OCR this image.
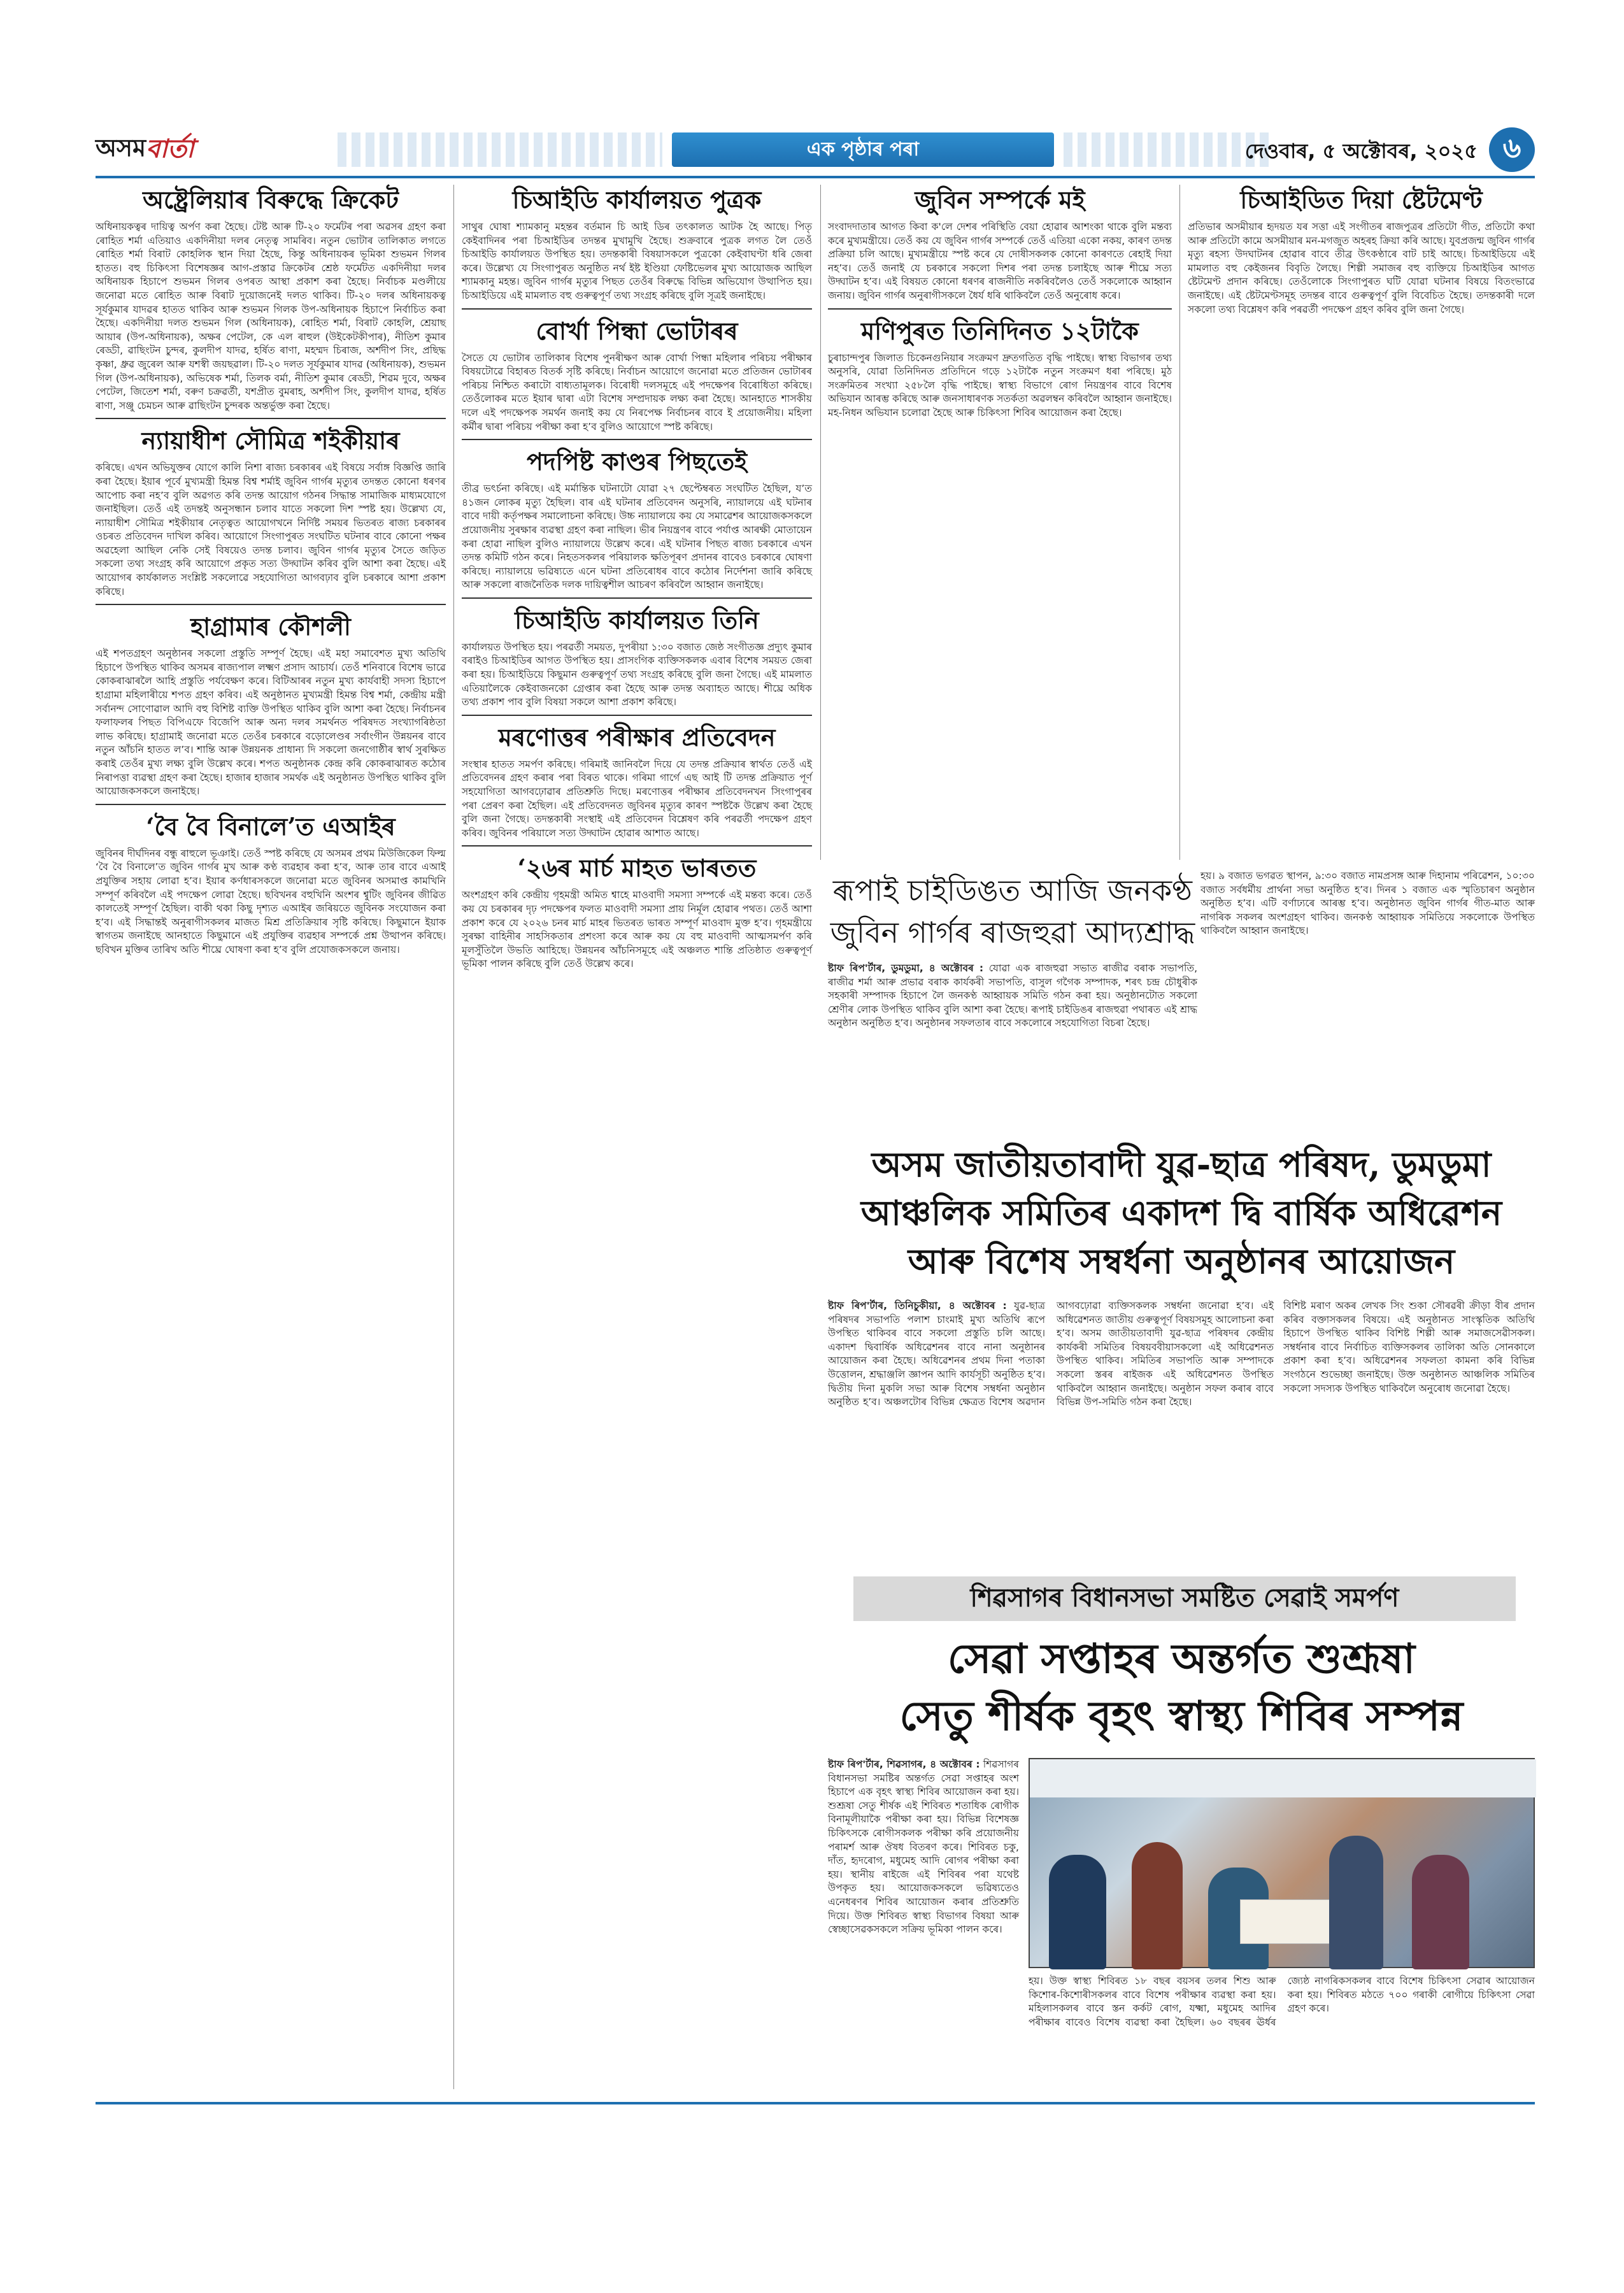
অসম বাৰ্তা	এক পৃষ্ঠাৰ পৰা	দেওবাৰ, ৫ অক্টোবৰ, ২০২৫ ৬
অষ্ট্ৰেলিয়াৰ বিৰুদ্ধে ক্ৰিকেট
অধিনায়কত্বৰ দায়িত্ব অৰ্পণ কৰা হৈছে। টেষ্ট আৰু টি-২০ ফৰ্মেটৰ পৰা অৱসৰ গ্ৰহণ কৰা ৰোহিত শৰ্মা এতিয়াও একদিনীয়া দলৰ নেতৃত্ব সামৰিব। নতুন ভোটাৰ তালিকাত লগতে ৰোহিত শৰ্মা বিৰাট কোহলিক স্থান দিয়া হৈছে, কিন্তু অধিনায়কৰ ভূমিকা শুভমন গিলৰ হাতত। বহু চিকিৎসা বিশেষজ্ঞৰ আগ-প্ৰস্তাৱ ক্ৰিকেটৰ শ্ৰেষ্ঠ ফৰ্মেটত একদিনীয়া দলৰ অধিনায়ক হিচাপে শুভমন গিলৰ ওপৰত আস্থা প্ৰকাশ কৰা হৈছে। নিৰ্বাচক মণ্ডলীয়ে জনোৱা মতে ৰোহিত আৰু বিৰাট দুয়োজনেই দলত থাকিব। টি-২০ দলৰ অধিনায়কত্ব সূৰ্যকুমাৰ যাদৱৰ হাতত থাকিব আৰু শুভমন গিলক উপ-অধিনায়ক হিচাপে নিৰ্বাচিত কৰা হৈছে। একদিনীয়া দলত শুভমন গিল (অধিনায়ক), ৰোহিত শৰ্মা, বিৰাট কোহলি, শ্ৰেয়াছ আয়াৰ (উপ-অধিনায়ক), অক্ষৰ পেটেল, কে এল ৰাহুল (উইকেটকীপাৰ), নীতিশ কুমাৰ ৰেড্ডী, ৱাছিংটন চুন্দৰ, কুলদীপ যাদৱ, হৰ্ষিত ৰাণা, মহম্মদ চিৰাজ, অৰ্শদীপ সিং, প্ৰছিদ্ধ কৃষ্ণা, ধ্ৰুৱ জুৰেল আৰু যশস্বী জয়ছৱাল। টি-২০ দলত সূৰ্যকুমাৰ যাদৱ (অধিনায়ক), শুভমন গিল (উপ-অধিনায়ক), অভিষেক শৰ্মা, তিলক বৰ্মা, নীতিশ কুমাৰ ৰেড্ডী, শিৱম দুবে, অক্ষৰ পেটেল, জিতেশ শৰ্মা, বৰুণ চক্ৰৱৰ্তী, যশপ্ৰীত বুমৰাহ, অৰ্শদীপ সিং, কুলদীপ যাদৱ, হৰ্ষিত ৰাণা, সঞ্জু চেমচন আৰু ৱাছিংটন চুন্দৰক অন্তৰ্ভুক্ত কৰা হৈছে।
ন্যায়াধীশ সৌমিত্ৰ শইকীয়াৰ
কৰিছে। এখন অভিযুক্তৰ যোগে কালি নিশা ৰাজ্য চৰকাৰৰ এই বিষয়ে সৰ্বাঙ্গ বিজ্ঞপ্তি জাৰি কৰা হৈছে। ইয়াৰ পূৰ্বে মুখ্যমন্ত্ৰী হিমন্ত বিশ্ব শৰ্মাই জুবিন গাৰ্গৰ মৃত্যুৰ তদন্তত কোনো ধৰণৰ আপোচ কৰা নহ’ব বুলি অৱগত কৰি তদন্ত আয়োগ গঠনৰ সিদ্ধান্ত সামাজিক মাধ্যমযোগে জনাইছিল। তেওঁ এই তদন্তই অনুসন্ধান চলাব যাতে সকলো দিশ স্পষ্ট হয়। উল্লেখ্য যে, ন্যায়াধীশ সৌমিত্ৰ শইকীয়াৰ নেতৃত্বত আয়োগখনে নিৰ্দিষ্ট সময়ৰ ভিতৰত ৰাজ্য চৰকাৰৰ ওচৰত প্ৰতিবেদন দাখিল কৰিব। আয়োগে সিংগাপুৰত সংঘটিত ঘটনাৰ বাবে কোনো পক্ষৰ অৱহেলা আছিল নেকি সেই বিষয়েও তদন্ত চলাব। জুবিন গাৰ্গৰ মৃত্যুৰ সৈতে জড়িত সকলো তথ্য সংগ্ৰহ কৰি আয়োগে প্ৰকৃত সত্য উদ্ঘাটন কৰিব বুলি আশা কৰা হৈছে। এই আয়োগৰ কাৰ্যকালত সংশ্লিষ্ট সকলোৱে সহযোগিতা আগবঢ়াব বুলি চৰকাৰে আশা প্ৰকাশ কৰিছে।
হাগ্ৰামাৰ কৌশলী
এই শপতগ্ৰহণ অনুষ্ঠানৰ সকলো প্ৰস্তুতি সম্পূৰ্ণ হৈছে। এই মহা সমাবেশত মুখ্য অতিথি হিচাপে উপস্থিত থাকিব অসমৰ ৰাজ্যপাল লক্ষ্মণ প্ৰসাদ আচাৰ্য। তেওঁ শনিবাৰে বিশেষ ভাৱে কোকৰাঝাৰলৈ আহি প্ৰস্তুতি পৰ্যবেক্ষণ কৰে। বিটিআৰৰ নতুন মুখ্য কাৰ্যবাহী সদস্য হিচাপে হাগ্ৰামা মহিলাৰীয়ে শপত গ্ৰহণ কৰিব। এই অনুষ্ঠানত মুখ্যমন্ত্ৰী হিমন্ত বিশ্ব শৰ্মা, কেন্দ্ৰীয় মন্ত্ৰী সৰ্বানন্দ সোণোৱাল আদি বহু বিশিষ্ট ব্যক্তি উপস্থিত থাকিব বুলি আশা কৰা হৈছে। নিৰ্বাচনৰ ফলাফলৰ পিছত বিপিএফে বিজেপি আৰু অন্য দলৰ সমৰ্থনত পৰিষদত সংখ্যাগৰিষ্ঠতা লাভ কৰিছে। হাগ্ৰামাই জনোৱা মতে তেওঁৰ চৰকাৰে বড়োলেণ্ডৰ সৰ্বাংগীন উন্নয়নৰ বাবে নতুন আঁচনি হাতত ল’ব। শান্তি আৰু উন্নয়নক প্ৰাধান্য দি সকলো জনগোষ্ঠীৰ স্বাৰ্থ সুৰক্ষিত কৰাই তেওঁৰ মুখ্য লক্ষ্য বুলি উল্লেখ কৰে। শপত অনুষ্ঠানক কেন্দ্ৰ কৰি কোকৰাঝাৰত কঠোৰ নিৰাপত্তা ব্যৱস্থা গ্ৰহণ কৰা হৈছে। হাজাৰ হাজাৰ সমৰ্থক এই অনুষ্ঠানত উপস্থিত থাকিব বুলি আয়োজকসকলে জনাইছে।
‘বৈ বৈ বিনালে’ত এআইৰ
জুবিনৰ দীৰ্ঘদিনৰ বন্ধু ৰাহুলে ভূঞাই। তেওঁ স্পষ্ট কৰিছে যে অসমৰ প্ৰথম মিউজিকেল ফিল্ম ‘বৈ বৈ বিনালে’ত জুবিন গাৰ্গৰ মুখ আৰু কণ্ঠ ব্যৱহাৰ কৰা হ’ব, আৰু তাৰ বাবে এআই প্ৰযুক্তিৰ সহায় লোৱা হ’ব। ইয়াৰ কৰ্ণধাৰসকলে জনোৱা মতে জুবিনৰ অসমাপ্ত কামখিনি সম্পূৰ্ণ কৰিবলৈ এই পদক্ষেপ লোৱা হৈছে। ছবিখনৰ বহুখিনি অংশৰ শ্বুটিং জুবিনৰ জীৱিত কালতেই সম্পূৰ্ণ হৈছিল। বাকী থকা কিছু দৃশ্যত এআইৰ জৰিয়তে জুবিনক সংযোজন কৰা হ’ব। এই সিদ্ধান্তই অনুৰাগীসকলৰ মাজত মিশ্ৰ প্ৰতিক্ৰিয়াৰ সৃষ্টি কৰিছে। কিছুমানে ইয়াক স্বাগতম জনাইছে আনহাতে কিছুমানে এই প্ৰযুক্তিৰ ব্যৱহাৰ সম্পৰ্কে প্ৰশ্ন উত্থাপন কৰিছে। ছবিখন মুক্তিৰ তাৰিখ অতি শীঘ্ৰে ঘোষণা কৰা হ’ব বুলি প্ৰযোজকসকলে জনায়।
চিআইডি কাৰ্যালয়ত পুত্ৰক
সাথুৰ ঘোষা শ্যামকানু মহন্তৰ বৰ্তমান চি আই ডিৰ তৎকালত আটক হৈ আছে। পিতৃ কেইবাদিনৰ পৰা চিআইডিৰ তদন্তৰ মুখামুখি হৈছে। শুক্ৰবাৰে পুত্ৰক লগত লৈ তেওঁ চিআইডি কাৰ্যালয়ত উপস্থিত হয়। তদন্তকাৰী বিষয়াসকলে পুত্ৰকো কেইবাঘণ্টা ধৰি জেৰা কৰে। উল্লেখ্য যে সিংগাপুৰত অনুষ্ঠিত নৰ্থ ইষ্ট ইণ্ডিয়া ফেষ্টিভেলৰ মুখ্য আয়োজক আছিল শ্যামকানু মহন্ত। জুবিন গাৰ্গৰ মৃত্যুৰ পিছত তেওঁৰ বিৰুদ্ধে বিভিন্ন অভিযোগ উত্থাপিত হয়। চিআইডিয়ে এই মামলাত বহু গুৰুত্বপূৰ্ণ তথ্য সংগ্ৰহ কৰিছে বুলি সূত্ৰই জনাইছে।
বোৰ্খা পিন্ধা ভোটাৰৰ
সৈতে যে ভোটাৰ তালিকাৰ বিশেষ পুনৰীক্ষণ আৰু বোৰ্খা পিন্ধা মহিলাৰ পৰিচয় পৰীক্ষাৰ বিষয়টোৱে বিহাৰত বিতৰ্ক সৃষ্টি কৰিছে। নিৰ্বাচন আয়োগে জনোৱা মতে প্ৰতিজন ভোটাৰৰ পৰিচয় নিশ্চিত কৰাটো বাধ্যতামূলক। বিৰোধী দলসমূহে এই পদক্ষেপৰ বিৰোধিতা কৰিছে। তেওঁলোকৰ মতে ইয়াৰ দ্বাৰা এটা বিশেষ সম্প্ৰদায়ক লক্ষ্য কৰা হৈছে। আনহাতে শাসকীয় দলে এই পদক্ষেপক সমৰ্থন জনাই কয় যে নিৰপেক্ষ নিৰ্বাচনৰ বাবে ই প্ৰয়োজনীয়। মহিলা কৰ্মীৰ দ্বাৰা পৰিচয় পৰীক্ষা কৰা হ’ব বুলিও আয়োগে স্পষ্ট কৰিছে।
পদপিষ্ট কাণ্ডৰ পিছতেই
তীব্ৰ ভৎৰ্চনা কৰিছে। এই মৰ্মান্তিক ঘটনাটো যোৱা ২৭ ছেপ্টেম্বৰত সংঘটিত হৈছিল, য’ত ৪১জন লোকৰ মৃত্যু হৈছিল। বাৰ এই ঘটনাৰ প্ৰতিবেদন অনুসৰি, ন্যায়ালয়ে এই ঘটনাৰ বাবে দায়ী কৰ্তৃপক্ষৰ সমালোচনা কৰিছে। উচ্চ ন্যায়ালয়ে কয় যে সমাৱেশৰ আয়োজকসকলে প্ৰয়োজনীয় সুৰক্ষাৰ ব্যৱস্থা গ্ৰহণ কৰা নাছিল। ভীৰ নিয়ন্ত্ৰণৰ বাবে পৰ্যাপ্ত আৰক্ষী মোতায়েন কৰা হোৱা নাছিল বুলিও ন্যায়ালয়ে উল্লেখ কৰে। এই ঘটনাৰ পিছত ৰাজ্য চৰকাৰে এখন তদন্ত কমিটি গঠন কৰে। নিহতসকলৰ পৰিয়ালক ক্ষতিপূৰণ প্ৰদানৰ বাবেও চৰকাৰে ঘোষণা কৰিছে। ন্যায়ালয়ে ভৱিষ্যতে এনে ঘটনা প্ৰতিৰোধৰ বাবে কঠোৰ নিৰ্দেশনা জাৰি কৰিছে আৰু সকলো ৰাজনৈতিক দলক দায়িত্বশীল আচৰণ কৰিবলৈ আহ্বান জনাইছে।
চিআইডি কাৰ্যালয়ত তিনি
কাৰ্যালয়ত উপস্থিত হয়। পৰৱৰ্তী সময়ত, দুপৰীয়া ১:৩০ বজাত জেষ্ঠ সংগীতজ্ঞ প্ৰদ্যুৎ কুমাৰ বৰাইও চিআইডিৰ আগত উপস্থিত হয়। প্ৰাসংগিক ব্যক্তিসকলক এবাৰ বিশেষ সময়ত জেৰা কৰা হয়। চিআইডিয়ে কিছুমান গুৰুত্বপূৰ্ণ তথ্য সংগ্ৰহ কৰিছে বুলি জনা গৈছে। এই মামলাত এতিয়ালৈকে কেইবাজনকো গ্ৰেপ্তাৰ কৰা হৈছে আৰু তদন্ত অব্যাহত আছে। শীঘ্ৰে অধিক তথ্য প্ৰকাশ পাব বুলি বিষয়া সকলে আশা প্ৰকাশ কৰিছে।
মৰণোত্তৰ পৰীক্ষাৰ প্ৰতিবেদন
সংস্থাৰ হাতত সমৰ্পণ কৰিছে। গৰিমাই জানিবলৈ দিয়ে যে তদন্ত প্ৰক্ৰিয়াৰ স্বাৰ্থত তেওঁ এই প্ৰতিবেদনৰ গ্ৰহণ কৰাৰ পৰা বিৰত থাকে। গৰিমা গাৰ্গে এছ আই টি তদন্ত প্ৰক্ৰিয়াত পূৰ্ণ সহযোগিতা আগবঢ়োৱাৰ প্ৰতিশ্ৰুতি দিছে। মৰণোত্তৰ পৰীক্ষাৰ প্ৰতিবেদনখন সিংগাপুৰৰ পৰা প্ৰেৰণ কৰা হৈছিল। এই প্ৰতিবেদনত জুবিনৰ মৃত্যুৰ কাৰণ স্পষ্টকৈ উল্লেখ কৰা হৈছে বুলি জনা গৈছে। তদন্তকাৰী সংস্থাই এই প্ৰতিবেদন বিশ্লেষণ কৰি পৰৱৰ্তী পদক্ষেপ গ্ৰহণ কৰিব। জুবিনৰ পৰিয়ালে সত্য উদ্ঘাটন হোৱাৰ আশাত আছে।
‘২৬ৰ মাৰ্চ মাহত ভাৰতত
অংশগ্ৰহণ কৰি কেন্দ্ৰীয় গৃহমন্ত্ৰী অমিত শ্বাহে মাওবাদী সমস্যা সম্পৰ্কে এই মন্তব্য কৰে। তেওঁ কয় যে চৰকাৰৰ দৃঢ় পদক্ষেপৰ ফলত মাওবাদী সমস্যা প্ৰায় নিৰ্মূল হোৱাৰ পথত। তেওঁ আশা প্ৰকাশ কৰে যে ২০২৬ চনৰ মাৰ্চ মাহৰ ভিতৰত ভাৰত সম্পূৰ্ণ মাওবাদ মুক্ত হ’ব। গৃহমন্ত্ৰীয়ে সুৰক্ষা বাহিনীৰ সাহসিকতাৰ প্ৰশংসা কৰে আৰু কয় যে বহু মাওবাদী আত্মসমৰ্পণ কৰি মূলসুঁতিলৈ উভতি আহিছে। উন্নয়নৰ আঁচনিসমূহে এই অঞ্চলত শান্তি প্ৰতিষ্ঠাত গুৰুত্বপূৰ্ণ ভূমিকা পালন কৰিছে বুলি তেওঁ উল্লেখ কৰে।
জুবিন সম্পৰ্কে মই
সংবাদদাতাৰ আগত কিবা ক'লে দেশৰ পৰিস্থিতি বেয়া হোৱাৰ আশংকা থাকে বুলি মন্তব্য কৰে মুখ্যমন্ত্ৰীয়ে। তেওঁ কয় যে জুবিন গাৰ্গৰ সম্পৰ্কে তেওঁ এতিয়া একো নকয়, কাৰণ তদন্ত প্ৰক্ৰিয়া চলি আছে। মুখ্যমন্ত্ৰীয়ে স্পষ্ট কৰে যে দোষীসকলক কোনো কাৰণতে ৰেহাই দিয়া নহ’ব। তেওঁ জনাই যে চৰকাৰে সকলো দিশৰ পৰা তদন্ত চলাইছে আৰু শীঘ্ৰে সত্য উদ্ঘাটন হ’ব। এই বিষয়ত কোনো ধৰণৰ ৰাজনীতি নকৰিবলৈও তেওঁ সকলোকে আহ্বান জনায়। জুবিন গাৰ্গৰ অনুৰাগীসকলে ধৈৰ্য ধৰি থাকিবলৈ তেওঁ অনুৰোধ কৰে।
মণিপুৰত তিনিদিনত ১২টাকৈ
চুৰাচান্দপুৰ জিলাত চিকেনগুনিয়াৰ সংক্ৰমণ দ্ৰুতগতিত বৃদ্ধি পাইছে। স্বাস্থ্য বিভাগৰ তথ্য অনুসৰি, যোৱা তিনিদিনত প্ৰতিদিনে গড়ে ১২টাকৈ নতুন সংক্ৰমণ ধৰা পৰিছে। মুঠ সংক্ৰমিতৰ সংখ্যা ২৫৮লৈ বৃদ্ধি পাইছে। স্বাস্থ্য বিভাগে ৰোগ নিয়ন্ত্ৰণৰ বাবে বিশেষ অভিযান আৰম্ভ কৰিছে আৰু জনসাধাৰণক সতৰ্কতা অৱলম্বন কৰিবলৈ আহ্বান জনাইছে। মহ-নিধন অভিযান চলোৱা হৈছে আৰু চিকিৎসা শিবিৰ আয়োজন কৰা হৈছে।
চিআইডিত দিয়া ষ্টেটমেণ্ট
প্ৰতিভাৰ অসমীয়াৰ হৃদয়ত যৰ সত্তা এই সংগীতৰ ৰাজপুত্ৰৰ প্ৰতিটো গীত, প্ৰতিটো কথা আৰু প্ৰতিটো কামে অসমীয়াৰ মন-মগজুত অহৰহ ক্ৰিয়া কৰি আছে। যুবপ্ৰজন্ম জুবিন গাৰ্গৰ মৃত্যু ৰহস্য উদঘাটনৰ হোৱাৰ বাবে তীব্ৰ উৎকণ্ঠাৰে বাট চাই আছে। চিআইডিয়ে এই মামলাত বহু কেইজনৰ বিবৃতি লৈছে। শিল্পী সমাজৰ বহু ব্যক্তিয়ে চিআইডিৰ আগত ষ্টেটমেণ্ট প্ৰদান কৰিছে। তেওঁলোকে সিংগাপুৰত ঘটি যোৱা ঘটনাৰ বিষয়ে বিতংভাৱে জনাইছে। এই ষ্টেটমেণ্টসমূহ তদন্তৰ বাবে গুৰুত্বপূৰ্ণ বুলি বিবেচিত হৈছে। তদন্তকাৰী দলে সকলো তথ্য বিশ্লেষণ কৰি পৰৱৰ্তী পদক্ষেপ গ্ৰহণ কৰিব বুলি জনা গৈছে।
ৰূপাই চাইডিঙত আজি জনকণ্ঠ
জুবিন গাৰ্গৰ ৰাজহুৱা আদ্যশ্ৰাদ্ধ
হয়। ৯ বজাত ভগৱত স্থাপন, ৯:৩০ বজাত নামপ্ৰসঙ্গ আৰু দিহানাম পৰিৱেশন, ১০:৩০ বজাত সৰ্বধৰ্মীয় প্ৰাৰ্থনা সভা অনুষ্ঠিত হ’ব। দিনৰ ১ বজাত এক স্মৃতিচাৰণ অনুষ্ঠান অনুষ্ঠিত হ’ব। এটি বৰ্ণাঢ্যৰে আৰম্ভ হ’ব। অনুষ্ঠানত জুবিন গাৰ্গৰ গীত-মাত আৰু নাগৰিক সকলৰ অংশগ্ৰহণ থাকিব। জনকণ্ঠ আহ্বায়ক সমিতিয়ে সকলোকে উপস্থিত থাকিবলৈ আহ্বান জনাইছে।
ষ্টাফ ৰিপ'ৰ্টাৰ, ডুমডুমা, ৪ অক্টোবৰ : যোৱা এক ৰাজহুৱা সভাত ৰাজীৱ বৰাক সভাপতি, ৰাজীৱ শৰ্মা আৰু প্ৰভাৱ বৰাক কাৰ্যকৰী সভাপতি, বাসুল গগৈক সম্পাদক, শৰৎ চন্দ্ৰ চৌধুৰীক সহকাৰী সম্পাদক হিচাপে লৈ জনকণ্ঠ আহ্বায়ক সমিতি গঠন কৰা হয়। অনুষ্ঠানটোত সকলো শ্ৰেণীৰ লোক উপস্থিত থাকিব বুলি আশা কৰা হৈছে। ৰূপাই চাইডিঙৰ ৰাজহুৱা পথাৰত এই শ্ৰাদ্ধ অনুষ্ঠান অনুষ্ঠিত হ’ব। অনুষ্ঠানৰ সফলতাৰ বাবে সকলোৰে সহযোগিতা বিচৰা হৈছে।
অসম জাতীয়তাবাদী যুৱ-ছাত্ৰ পৰিষদ, ডুমডুমা
আঞ্চলিক সমিতিৰ একাদশ দ্বি বাৰ্ষিক অধিৱেশন
আৰু বিশেষ সম্বৰ্ধনা অনুষ্ঠানৰ আয়োজন
ষ্টাফ ৰিপ'ৰ্টাৰ, তিনিচুকীয়া, ৪ অক্টোবৰ : যুৱ-ছাত্ৰ পৰিষদৰ সভাপতি পলাশ চাংমাই মুখ্য অতিথি ৰূপে উপস্থিত থাকিবৰ বাবে সকলো প্ৰস্তুতি চলি আছে। একাদশ দ্বিবাৰ্ষিক অধিৱেশনৰ বাবে নানা অনুষ্ঠানৰ আয়োজন কৰা হৈছে। অধিৱেশনৰ প্ৰথম দিনা পতাকা উত্তোলন, শ্ৰদ্ধাঞ্জলি জ্ঞাপন আদি কাৰ্যসূচী অনুষ্ঠিত হ’ব। দ্বিতীয় দিনা মুকলি সভা আৰু বিশেষ সম্বৰ্ধনা অনুষ্ঠান অনুষ্ঠিত হ’ব। অঞ্চলটোৰ বিভিন্ন ক্ষেত্ৰত বিশেষ অৱদান আগবঢ়োৱা ব্যক্তিসকলক সম্বৰ্ধনা জনোৱা হ’ব। এই অধিৱেশনত জাতীয় গুৰুত্বপূৰ্ণ বিষয়সমূহ আলোচনা কৰা হ’ব। অসম জাতীয়তাবাদী যুৱ-ছাত্ৰ পৰিষদৰ কেন্দ্ৰীয় কাৰ্যকৰী সমিতিৰ বিষয়ববীয়াসকলো এই অধিৱেশনত উপস্থিত থাকিব। সমিতিৰ সভাপতি আৰু সম্পাদকে সকলো স্তৰৰ ৰাইজক এই অধিৱেশনত উপস্থিত থাকিবলৈ আহ্বান জনাইছে। অনুষ্ঠান সফল কৰাৰ বাবে বিভিন্ন উপ-সমিতি গঠন কৰা হৈছে।
বিশিষ্ট মৰাণ অকৰ লেখক সিং শুকা সৌৰৱৰী ক্ৰীড়া বীৰ প্ৰদান কৰিব বক্তাসকলৰ বিষয়ে। এই অনুষ্ঠানত সাংস্কৃতিক অতিথি হিচাপে উপস্থিত থাকিব বিশিষ্ট শিল্পী আৰু সমাজসেৱীসকল। সম্বৰ্ধনাৰ বাবে নিৰ্বাচিত ব্যক্তিসকলৰ তালিকা অতি সোনকালে প্ৰকাশ কৰা হ’ব। অধিৱেশনৰ সফলতা কামনা কৰি বিভিন্ন সংগঠনে শুভেচ্ছা জনাইছে। উক্ত অনুষ্ঠানত আঞ্চলিক সমিতিৰ সকলো সদস্যক উপস্থিত থাকিবলৈ অনুৰোধ জনোৱা হৈছে।
শিৱসাগৰ বিধানসভা সমষ্টিত সেৱাই সমৰ্পণ
সেৱা সপ্তাহৰ অন্তৰ্গত শুশ্ৰূষা
সেতু শীৰ্ষক বৃহৎ স্বাস্থ্য শিবিৰ সম্পন্ন
ষ্টাফ ৰিপ'ৰ্টাৰ, শিৱসাগৰ, ৪ অক্টোবৰ : শিৱসাগৰ বিধানসভা সমষ্টিৰ অন্তৰ্গত সেৱা সপ্তাহৰ অংশ হিচাপে এক বৃহৎ স্বাস্থ্য শিবিৰ আয়োজন কৰা হয়। শুশ্ৰূষা সেতু শীৰ্ষক এই শিবিৰত শতাধিক ৰোগীক বিনামূলীয়াকৈ পৰীক্ষা কৰা হয়। বিভিন্ন বিশেষজ্ঞ চিকিৎসকে ৰোগীসকলক পৰীক্ষা কৰি প্ৰয়োজনীয় পৰামৰ্শ আৰু ঔষধ বিতৰণ কৰে। শিবিৰত চকু, দাঁত, হৃদৰোগ, মধুমেহ আদি ৰোগৰ পৰীক্ষা কৰা হয়। স্থানীয় ৰাইজে এই শিবিৰৰ পৰা যথেষ্ট উপকৃত হয়। আয়োজকসকলে ভৱিষ্যতেও এনেধৰণৰ শিবিৰ আয়োজন কৰাৰ প্ৰতিশ্ৰুতি দিয়ে। উক্ত শিবিৰত স্বাস্থ্য বিভাগৰ বিষয়া আৰু স্বেচ্ছাসেৱকসকলে সক্ৰিয় ভূমিকা পালন কৰে।
হয়। উক্ত স্বাস্থ্য শিবিৰত ১৮ বছৰ বয়সৰ তলৰ শিশু আৰু কিশোৰ-কিশোৰীসকলৰ বাবে বিশেষ পৰীক্ষাৰ ব্যৱস্থা কৰা হয়। মহিলাসকলৰ বাবে স্তন কৰ্কট ৰোগ, যক্ষ্মা, মধুমেহ আদিৰ পৰীক্ষাৰ বাবেও বিশেষ ব্যৱস্থা কৰা হৈছিল। ৬০ বছৰৰ ঊৰ্ধৰ জ্যেষ্ঠ নাগৰিকসকলৰ বাবে বিশেষ চিকিৎসা সেৱাৰ আয়োজন কৰা হয়। শিবিৰত মঠতে ৭০০ গৰাকী ৰোগীয়ে চিকিৎসা সেৱা গ্ৰহণ কৰে।
